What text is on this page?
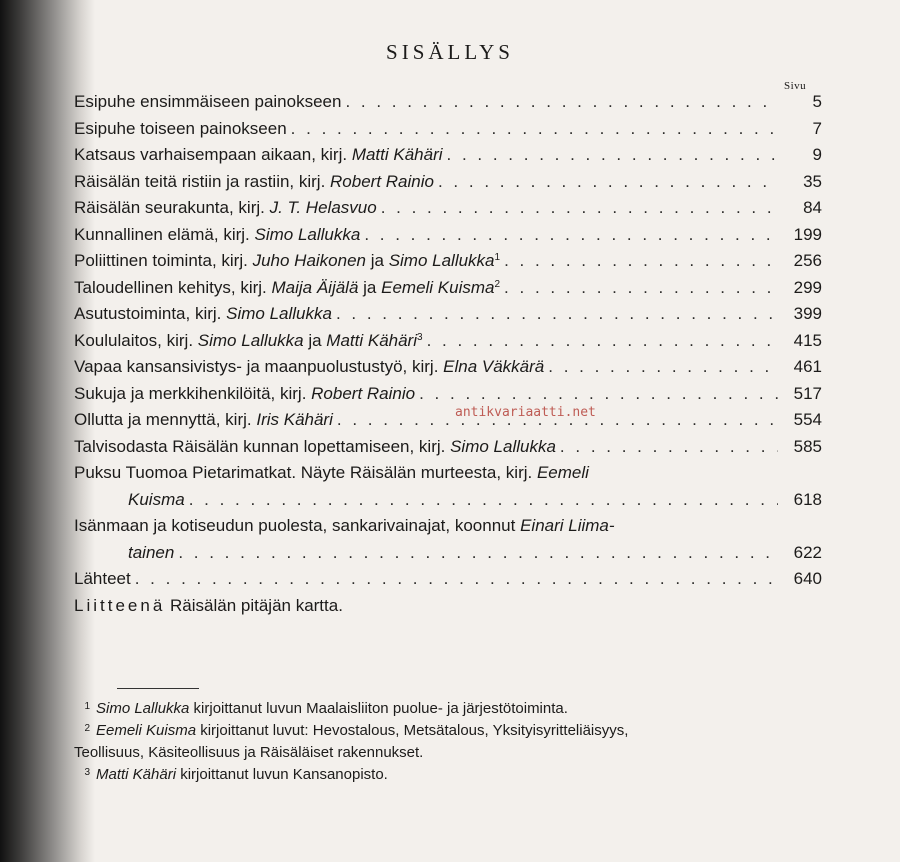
SISÄLLYS
Sivu
Esipuhe ensimmäiseen painokseen . . .	5
Esipuhe toiseen painokseen . . .	7
Katsaus varhaisempaan aikaan, kirj. Matti Kähäri . . .	9
Räisälän teitä ristiin ja rastiin, kirj. Robert Rainio . . .	35
Räisälän seurakunta, kirj. J. T. Helasvuo . . .	84
Kunnallinen elämä, kirj. Simo Lallukka . . .	199
Poliittinen toiminta, kirj. Juho Haikonen ja Simo Lallukka$^1$ . . .	256
Taloudellinen kehitys, kirj. Maija Äijälä ja Eemeli Kuisma$^2$ . . .	299
Asutustoiminta, kirj. Simo Lallukka . . .	399
Koululaitos, kirj. Simo Lallukka ja Matti Kähäri$^3$ . . .	415
Vapaa kansansivistys- ja maanpuolustustyö, kirj. Elna Väkkärä . . .	461
Sukuja ja merkkihenkilöitä, kirj. Robert Rainio . . .	517
Ollutta ja mennyttä, kirj. Iris Kähäri . . .	554
Talvisodasta Räisälän kunnan lopettamiseen, kirj. Simo Lallukka . . .	585
Puksu Tuomoa Pietarimatkat. Näyte Räisälän murteesta, kirj. Eemeli
Kuisma . . .	618
Isänmaan ja kotiseudun puolesta, sankarivainajat, koonnut Einari Liima-
tainen . . .	622
Lähteet . . .	640
Liitteenä Räisälän pitäjän kartta.
antikvariaatti.net
1 Simo Lallukka kirjoittanut luvun Maalaisliiton puolue- ja järjestötoiminta.
2 Eemeli Kuisma kirjoittanut luvut: Hevostalous, Metsätalous, Yksityisyritteliäisyys,
Teollisuus, Käsiteollisuus ja Räisäläiset rakennukset.
3 Matti Kähäri kirjoittanut luvun Kansanopisto.
